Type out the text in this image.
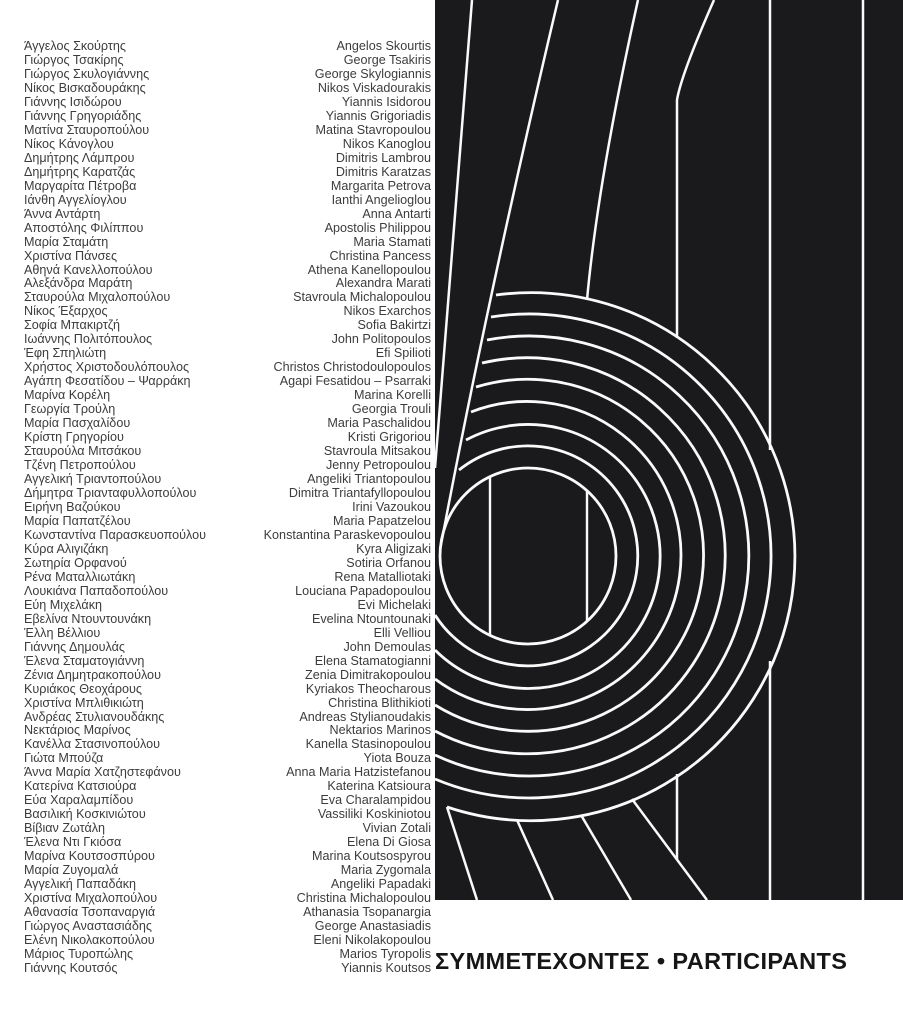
Άγγελος Σκούρτης	Angelos Skourtis
Γιώργος Τσακίρης	George Tsakiris
Γιώργος Σκυλογιάννης	George Skylogiannis
Νίκος Βισκαδουράκης	Nikos Viskadourakis
Γιάννης Ισιδώρου	Yiannis Isidorou
Γιάννης Γρηγοριάδης	Yiannis Grigoriadis
Ματίνα Σταυροπούλου	Matina Stavropoulou
Νίκος Κάνογλου	Nikos Kanoglou
Δημήτρης Λάμπρου	Dimitris Lambrou
Δημήτρης Καρατζάς	Dimitris Karatzas
Μαργαρίτα Πέτροβα	Margarita Petrova
Ιάνθη Αγγελίογλου	Ianthi Angelioglou
Άννα Αντάρτη	Anna Antarti
Αποστόλης Φιλίππου	Apostolis Philippou
Μαρία Σταμάτη	Maria Stamati
Χριστίνα Πάνσες	Christina Pancess
Αθηνά Κανελλοπούλου	Athena Kanellopoulou
Αλεξάνδρα Μαράτη	Alexandra Marati
Σταυρούλα Μιχαλοπούλου	Stavroula Michalopoulou
Νίκος Έξαρχος	Nikos Exarchos
Σοφία Μπακιρτζή	Sofia Bakirtzi
Ιωάννης Πολιτόπουλος	John Politopoulos
Έφη Σπηλιώτη	Efi Spilioti
Χρήστος Χριστοδουλόπουλος	Christos Christodoulopoulos
Αγάπη Φεσατίδου – Ψαρράκη	Agapi Fesatidou – Psarraki
Μαρίνα Κορέλη	Marina Korelli
Γεωργία Τρούλη	Georgia Trouli
Μαρία Πασχαλίδου	Maria Paschalidou
Κρίστη Γρηγορίου	Kristi Grigoriou
Σταυρούλα Μιτσάκου	Stavroula Mitsakou
Τζένη Πετροπούλου	Jenny Petropoulou
Αγγελική Τριαντοπούλου	Angeliki Triantopoulou
Δήμητρα Τριανταφυλλοπούλου	Dimitra Triantafyllopoulou
Ειρήνη Βαζούκου	Irini Vazoukou
Μαρία Παπατζέλου	Maria Papatzelou
Κωνσταντίνα Παρασκευοπούλου	Konstantina Paraskevopoulou
Κύρα Αλιγιζάκη	Kyra Aligizaki
Σωτηρία Ορφανού	Sotiria Orfanou
Ρένα Ματαλλιωτάκη	Rena Matalliotaki
Λουκιάνα Παπαδοπούλου	Louciana Papadopoulou
Εύη Μιχελάκη	Evi Michelaki
Εβελίνα Ντουντουνάκη	Evelina Ntountounaki
Έλλη Βέλλιου	Elli Velliou
Γιάννης Δημουλάς	John Demoulas
Έλενα Σταματογιάννη	Elena Stamatogianni
Ζένια Δημητρακοπούλου	Zenia Dimitrakopoulou
Κυριάκος Θεοχάρους	Kyriakos Theocharous
Χριστίνα Μπλιθικιώτη	Christina Blithikioti
Ανδρέας Στυλιανουδάκης	Andreas Stylianoudakis
Νεκτάριος Μαρίνος	Nektarios Marinos
Κανέλλα Στασινοπούλου	Kanella Stasinopoulou
Γιώτα Μπούζα	Yiota Bouza
Άννα Μαρία Χατζηστεφάνου	Anna Maria Hatzistefanou
Κατερίνα Κατσιούρα	Katerina Katsioura
Εύα Χαραλαμπίδου	Eva Charalampidou
Βασιλική Κοσκινιώτου	Vassiliki Koskiniotou
Βίβιαν Ζωτάλη	Vivian Zotali
Έλενα Ντι Γκιόσα	Elena Di Giosa
Μαρίνα Κουτσοσπύρου	Marina Koutsospyrou
Μαρία Ζυγομαλά	Maria Zygomala
Αγγελική Παπαδάκη	Angeliki Papadaki
Χριστίνα Μιχαλοπούλου	Christina Michalopoulou
Αθανασία Τσοπαναργιά	Athanasia Tsopanargia
Γιώργος Αναστασιάδης	George Anastasiadis
Ελένη Νικολακοπούλου	Eleni Nikolakopoulou
Μάριος Τυροπώλης	Marios Tyropolis
Γιάννης Κουτσός	Yiannis Koutsos ΣΥΜΜΕΤΕΧΟΝΤΕΣ • PARTICIPANTS
